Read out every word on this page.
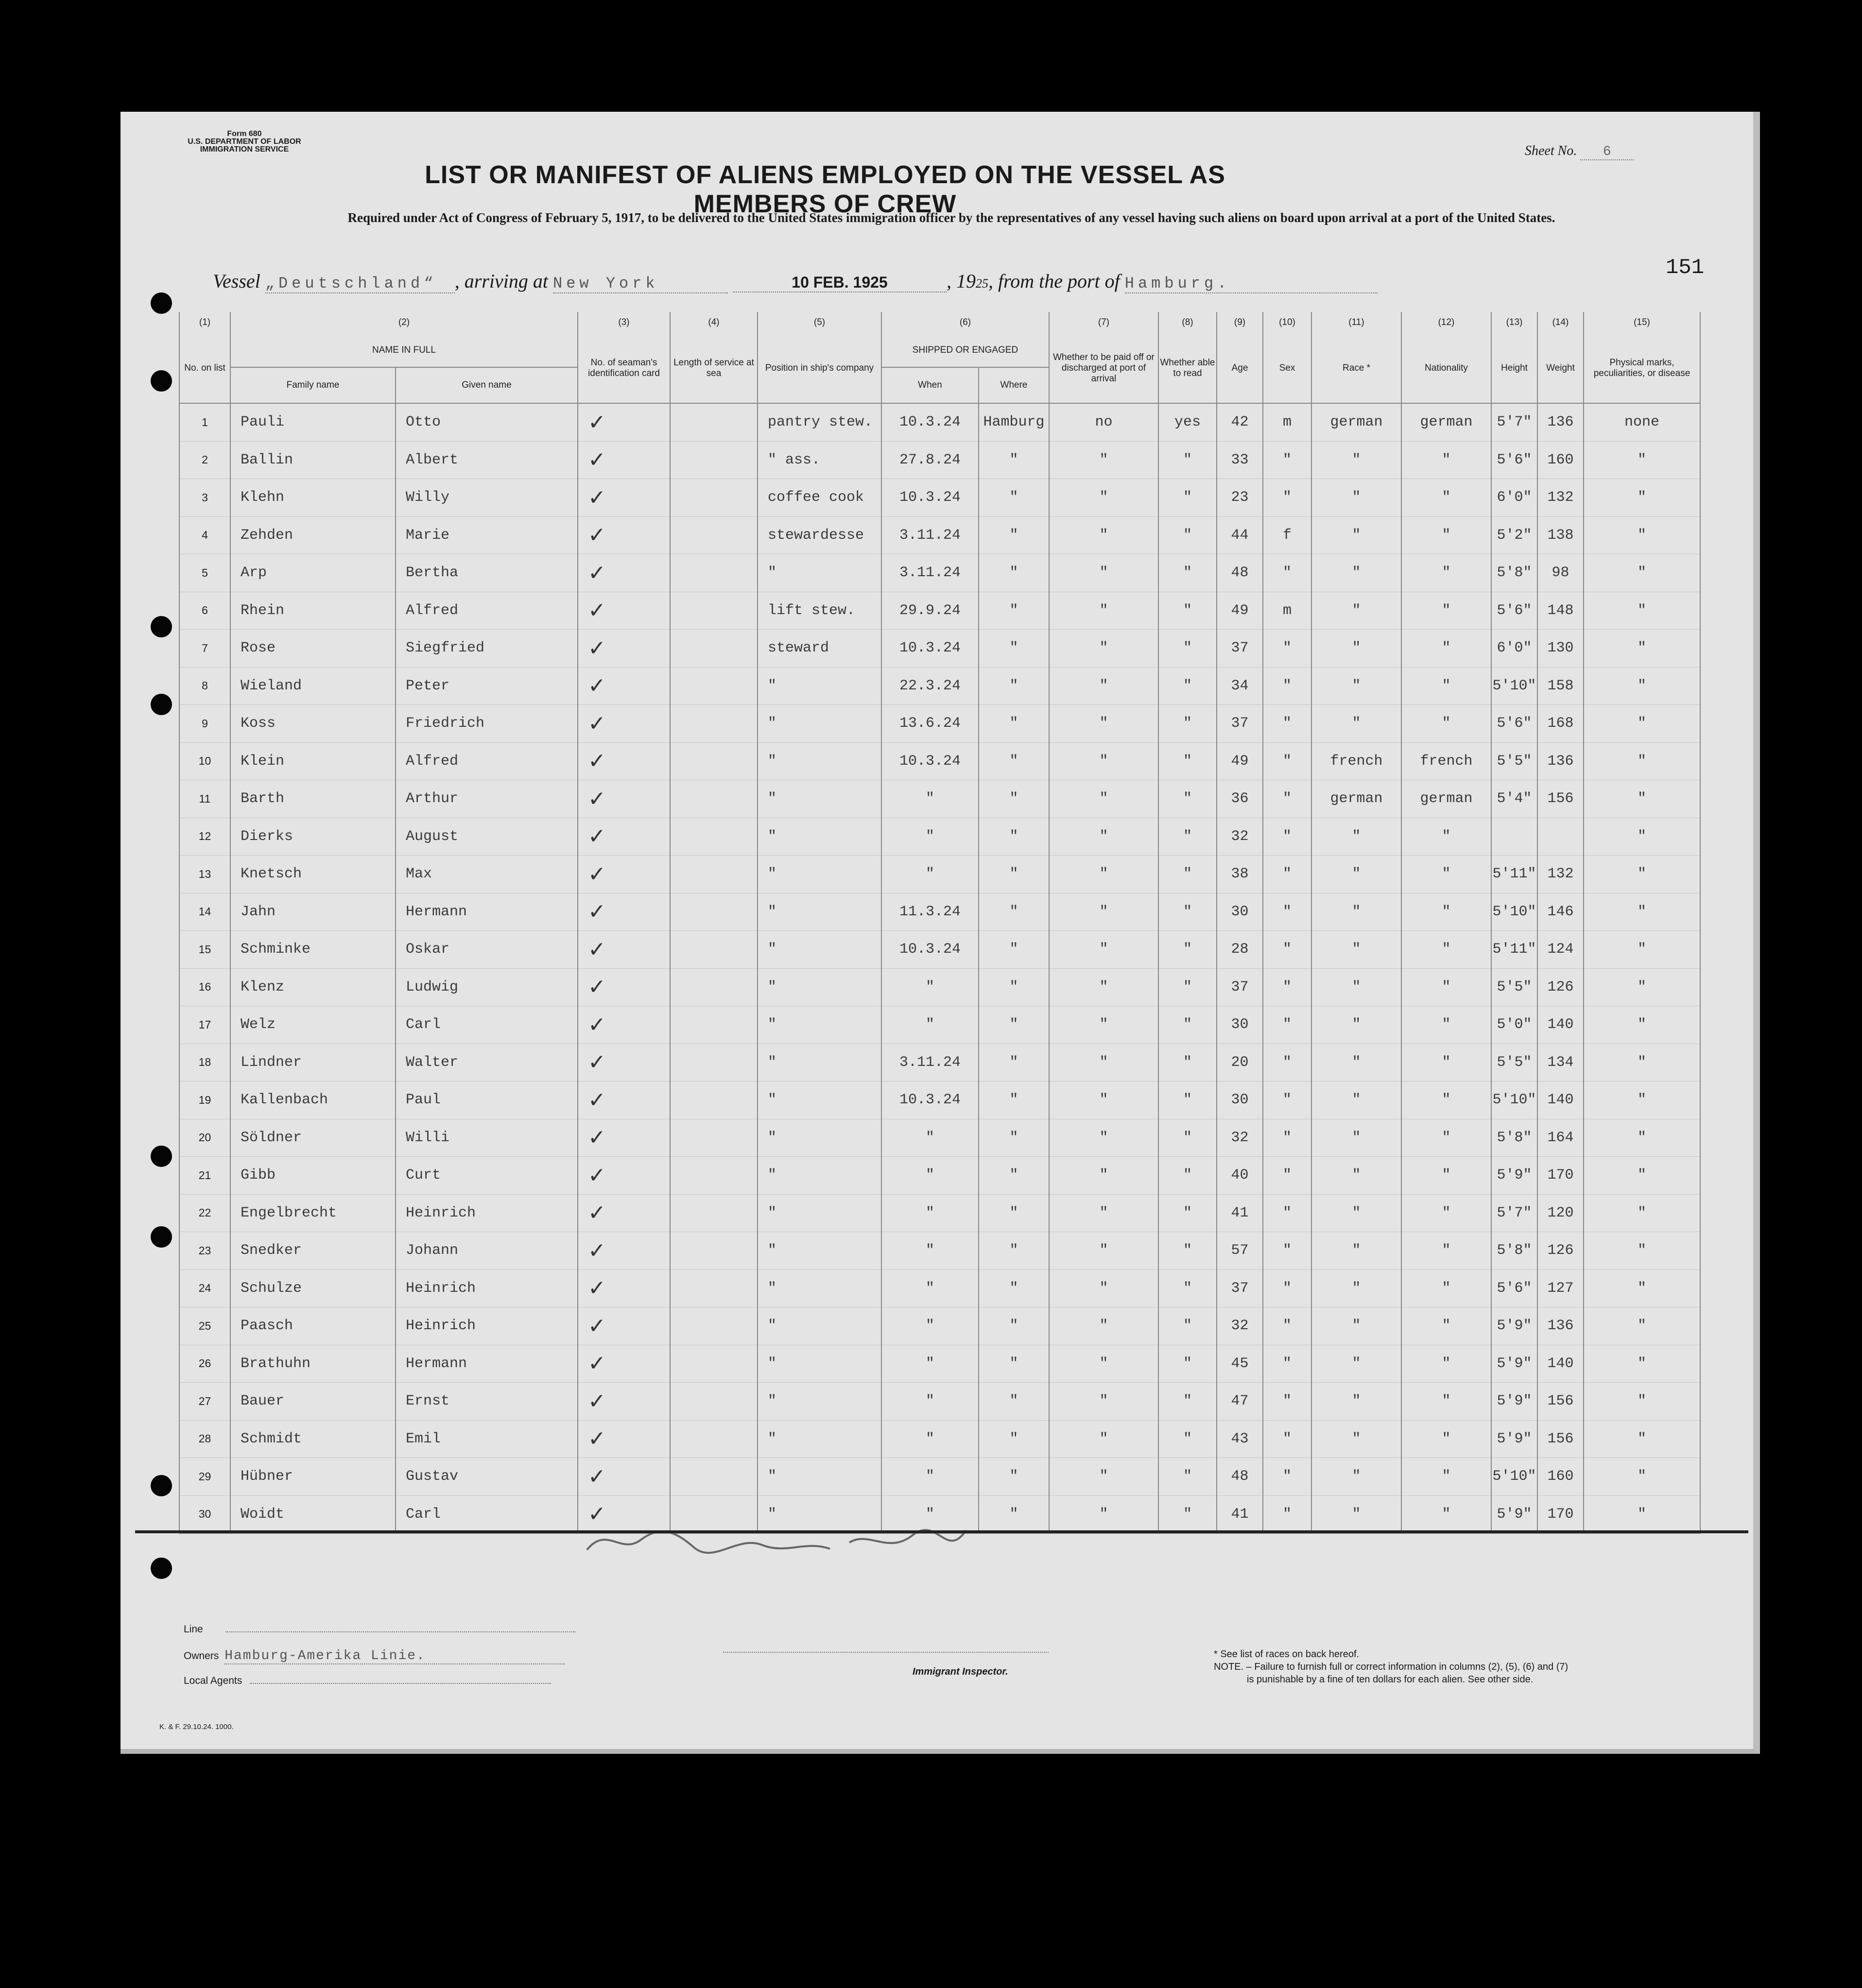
Form 680
U.S. DEPARTMENT OF LABOR
IMMIGRATION SERVICE
LIST OR MANIFEST OF ALIENS EMPLOYED ON THE VESSEL AS MEMBERS OF CREW
Sheet No. 6
Required under Act of Congress of February 5, 1917, to be delivered to the United States immigration officer by the representatives of any vessel having such aliens on board upon arrival at a port of the United States.
151
Vessel „Deutschland“ , arriving at New York	10 FEB. 1925	, 1925, from the port of Hamburg.
(1)	(2)		(3)	(4)	(5)	(6)		(7)	(8)	(9)	(10)	(11)	(12)	(13)	(14)	(15)
No. on list	NAME IN FULL		No. of seaman's identification card	Length of service at sea	Position in ship's company	SHIPPED OR ENGAGED		Whether to be paid off or discharged at port of arrival	Whether able to read	Age	Sex	Race *	Nationality	Height	Weight	Physical marks, peculiarities, or disease
	Family name	Given name				When	Where									
1	Pauli	Otto	✓		pantry stew.	10.3.24	Hamburg	no	yes	42	m	german	german	5'7"	136	none
2	Ballin	Albert	✓		" ass.	27.8.24	"	"	"	33	"	"	"	5'6"	160	"
3	Klehn	Willy	✓		coffee cook	10.3.24	"	"	"	23	"	"	"	6'0"	132	"
4	Zehden	Marie	✓		stewardesse	3.11.24	"	"	"	44	f	"	"	5'2"	138	"
5	Arp	Bertha	✓		"	3.11.24	"	"	"	48	"	"	"	5'8"	98	"
6	Rhein	Alfred	✓		lift stew.	29.9.24	"	"	"	49	m	"	"	5'6"	148	"
7	Rose	Siegfried	✓		steward	10.3.24	"	"	"	37	"	"	"	6'0"	130	"
8	Wieland	Peter	✓		"	22.3.24	"	"	"	34	"	"	"	5'10"	158	"
9	Koss	Friedrich	✓		"	13.6.24	"	"	"	37	"	"	"	5'6"	168	"
10	Klein	Alfred	✓		"	10.3.24	"	"	"	49	"	french	french	5'5"	136	"
11	Barth	Arthur	✓		"	"	"	"	"	36	"	german	german	5'4"	156	"
12	Dierks	August	✓		"	"	"	"	"	32	"	"	"			"
13	Knetsch	Max	✓		"	"	"	"	"	38	"	"	"	5'11"	132	"
14	Jahn	Hermann	✓		"	11.3.24	"	"	"	30	"	"	"	5'10"	146	"
15	Schminke	Oskar	✓		"	10.3.24	"	"	"	28	"	"	"	5'11"	124	"
16	Klenz	Ludwig	✓		"	"	"	"	"	37	"	"	"	5'5"	126	"
17	Welz	Carl	✓		"	"	"	"	"	30	"	"	"	5'0"	140	"
18	Lindner	Walter	✓		"	3.11.24	"	"	"	20	"	"	"	5'5"	134	"
19	Kallenbach	Paul	✓		"	10.3.24	"	"	"	30	"	"	"	5'10"	140	"
20	Söldner	Willi	✓		"	"	"	"	"	32	"	"	"	5'8"	164	"
21	Gibb	Curt	✓		"	"	"	"	"	40	"	"	"	5'9"	170	"
22	Engelbrecht	Heinrich	✓		"	"	"	"	"	41	"	"	"	5'7"	120	"
23	Snedker	Johann	✓		"	"	"	"	"	57	"	"	"	5'8"	126	"
24	Schulze	Heinrich	✓		"	"	"	"	"	37	"	"	"	5'6"	127	"
25	Paasch	Heinrich	✓		"	"	"	"	"	32	"	"	"	5'9"	136	"
26	Brathuhn	Hermann	✓		"	"	"	"	"	45	"	"	"	5'9"	140	"
27	Bauer	Ernst	✓		"	"	"	"	"	47	"	"	"	5'9"	156	"
28	Schmidt	Emil	✓		"	"	"	"	"	43	"	"	"	5'9"	156	"
29	Hübner	Gustav	✓		"	"	"	"	"	48	"	"	"	5'10"	160	"
30	Woidt	Carl	✓		"	"	"	"	"	41	"	"	"	5'9"	170	"
Line
Owners Hamburg-Amerika Linie.
Local Agents
Immigrant Inspector.
* See list of races on back hereof.
NOTE. – Failure to furnish full or correct information in columns (2), (5), (6) and (7)
is punishable by a fine of ten dollars for each alien. See other side.
K. & F. 29.10.24. 1000.
